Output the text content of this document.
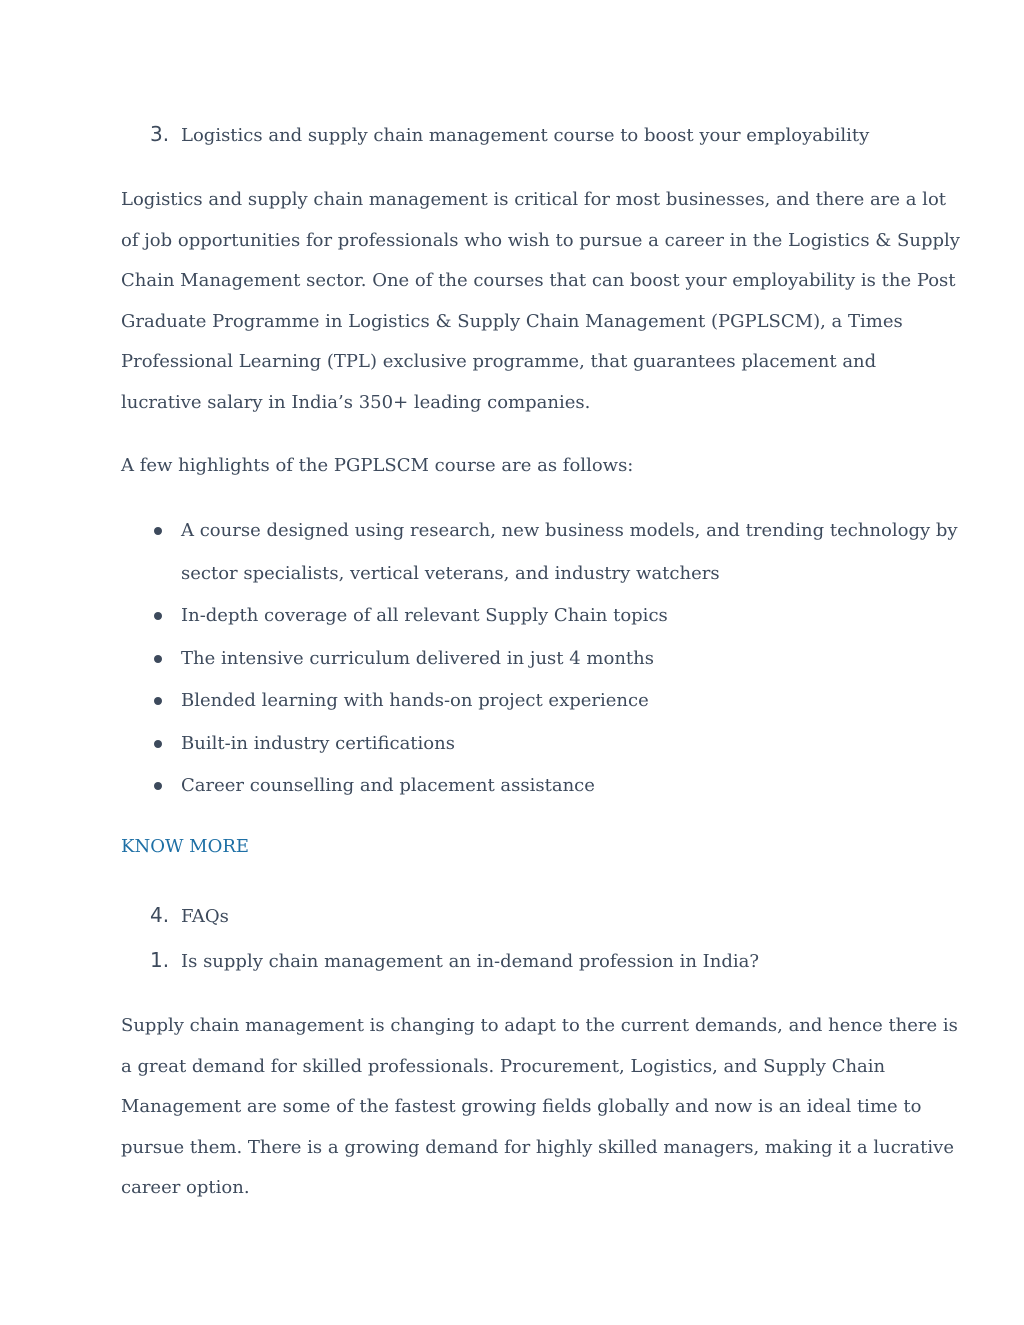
3. Logistics and supply chain management course to boost your employability

Logistics and supply chain management is critical for most businesses, and there are a lot
of job opportunities for professionals who wish to pursue a career in the Logistics & Supply
Chain Management sector. One of the courses that can boost your employability is the Post
Graduate Programme in Logistics & Supply Chain Management (PGPLSCM), a Times
Professional Learning (TPL) exclusive programme, that guarantees placement and
lucrative salary in India’s 350+ leading companies.

A few highlights of the PGPLSCM course are as follows:

A course designed using research, new business models, and trending technology by
sector specialists, vertical veterans, and industry watchers
In-depth coverage of all relevant Supply Chain topics
The intensive curriculum delivered in just 4 months
Blended learning with hands-on project experience
Built-in industry certifications
Career counselling and placement assistance
KNOW MORE
4. FAQs
1. Is supply chain management an in-demand profession in India?

Supply chain management is changing to adapt to the current demands, and hence there is
a great demand for skilled professionals. Procurement, Logistics, and Supply Chain
Management are some of the fastest growing fields globally and now is an ideal time to
pursue them. There is a growing demand for highly skilled managers, making it a lucrative
career option.
